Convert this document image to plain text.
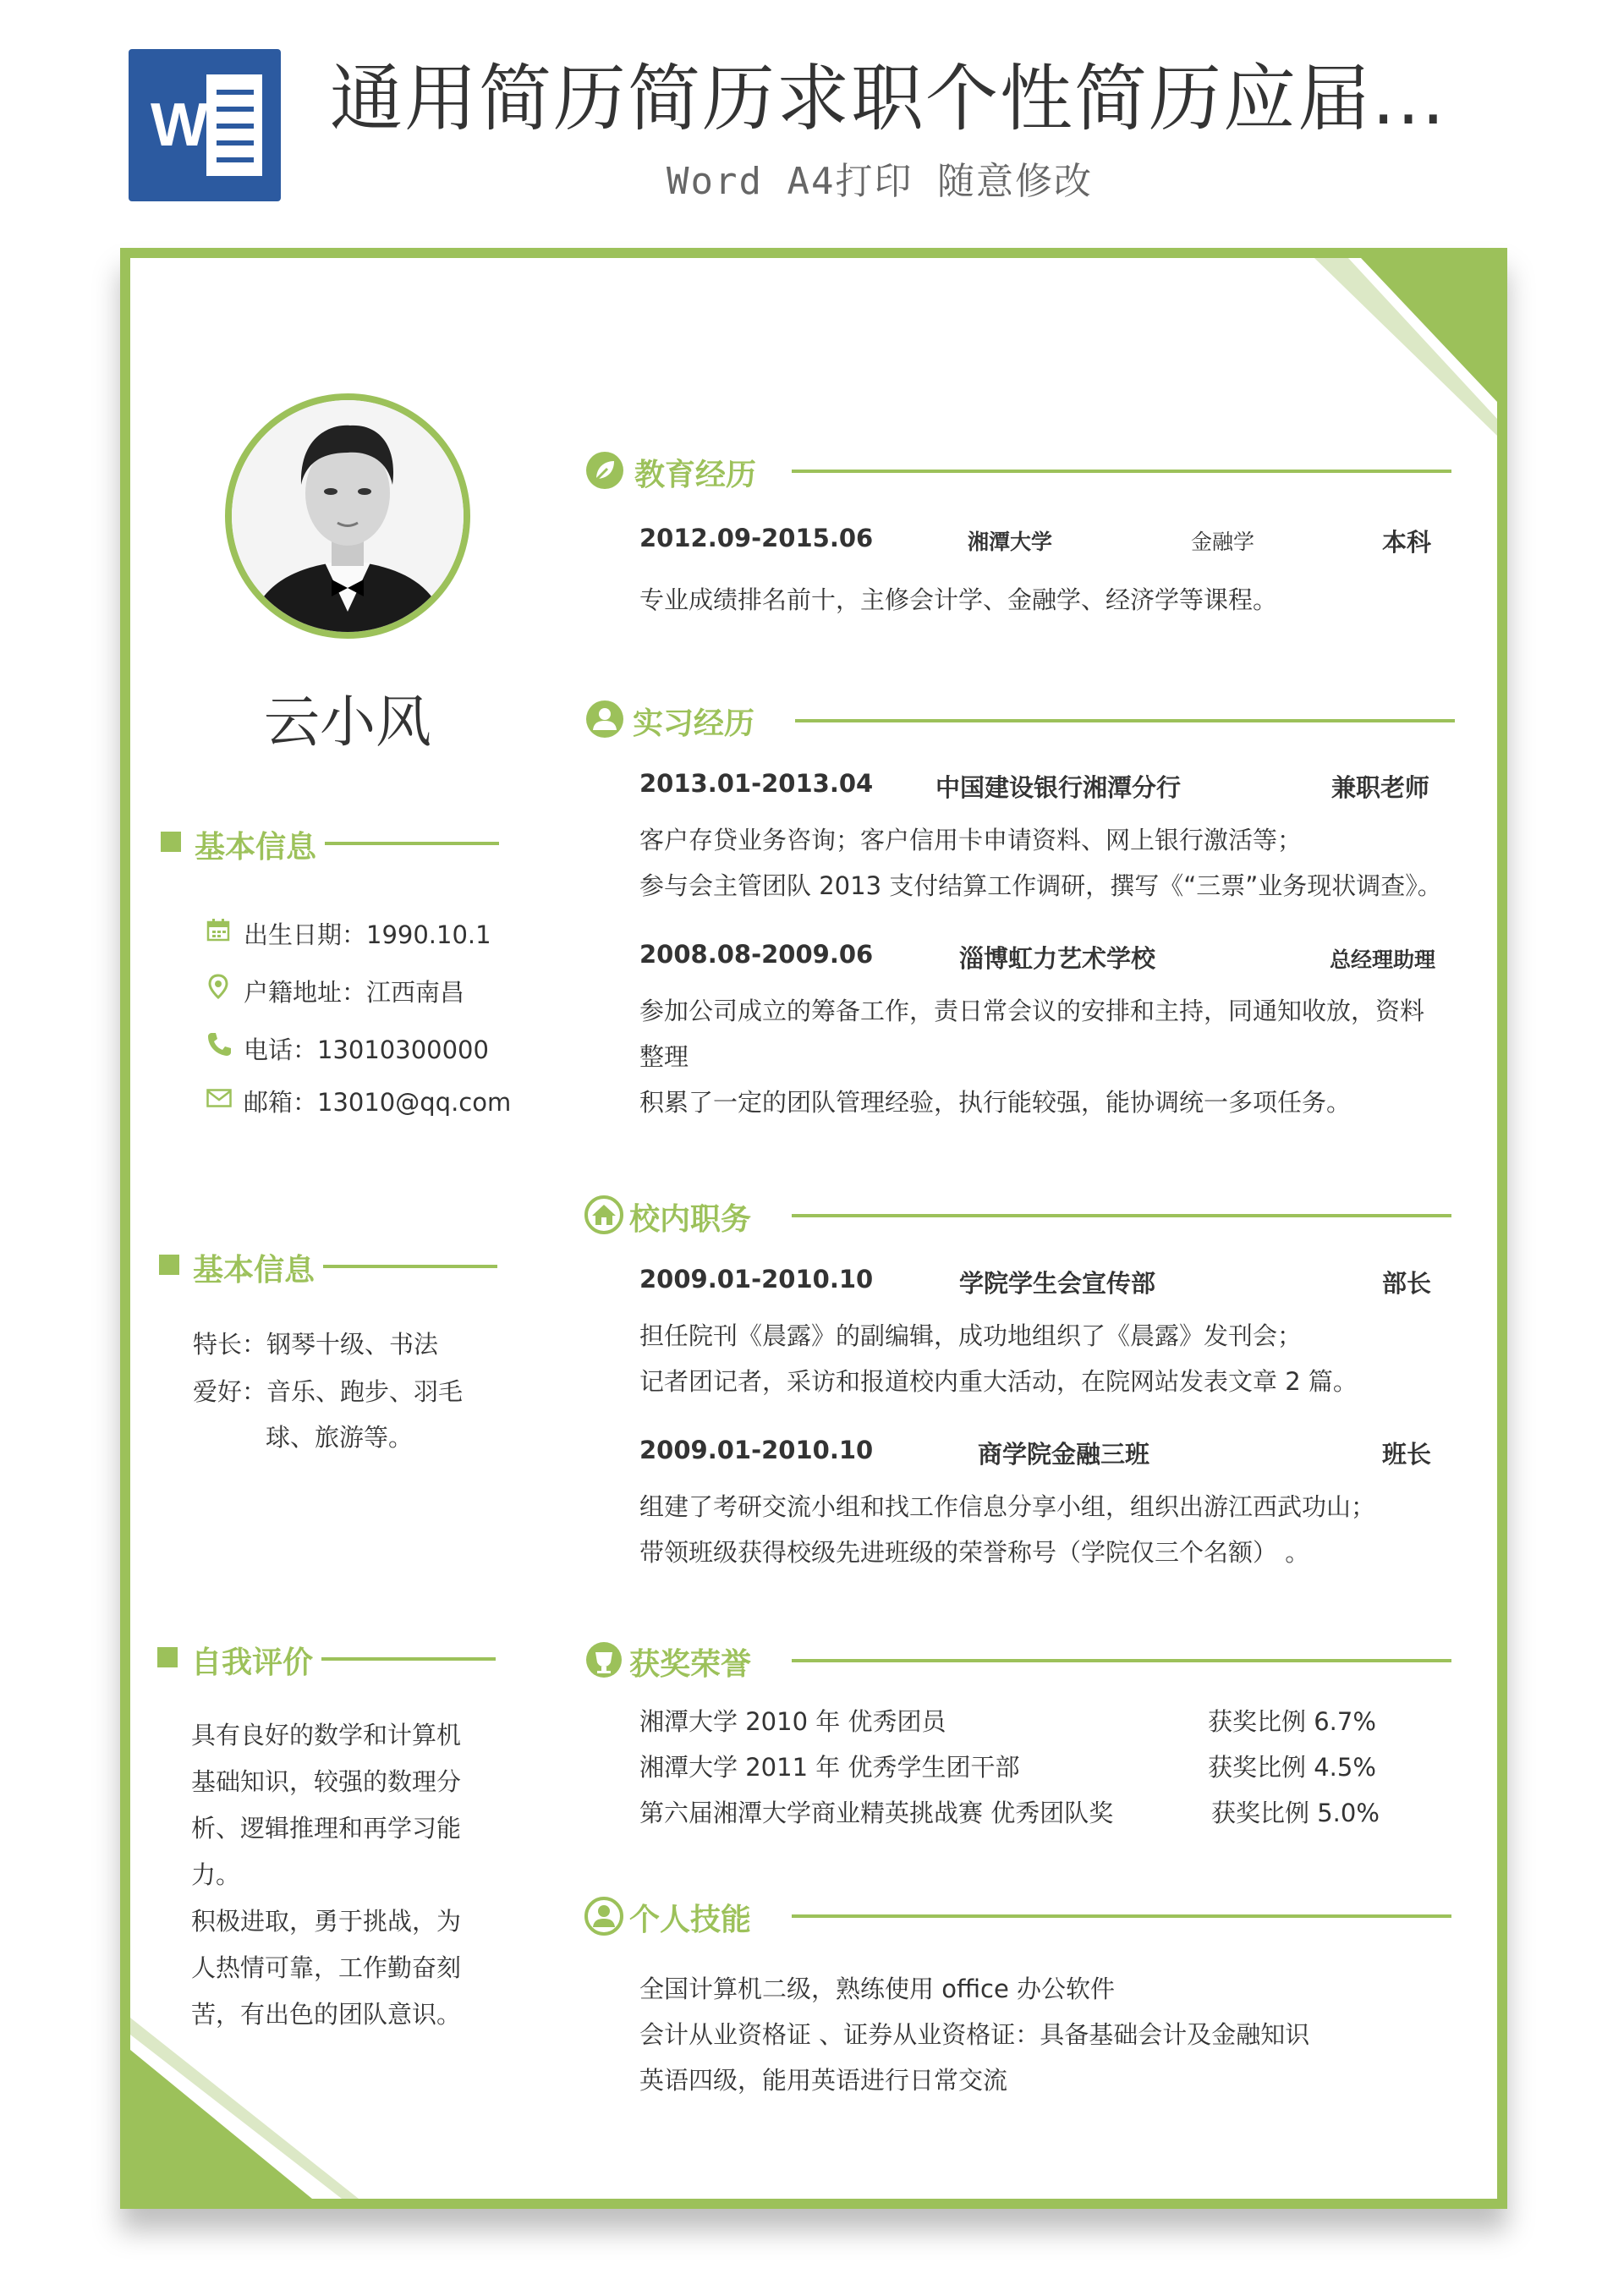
W 通用简历简历求职个性简历应届...
Word A4打印 随意修改
云小风
基本信息
出生日期：1990.10.1
户籍地址：江西南昌
电话：13010300000
邮箱：13010@qq.com
基本信息
特长：钢琴十级、书法
爱好：音乐、跑步、羽毛
球、旅游等。
自我评价
具有良好的数学和计算机
基础知识，较强的数理分
析、逻辑推理和再学习能
力。
积极进取，勇于挑战，为
人热情可靠，工作勤奋刻
苦，有出色的团队意识。
教育经历
2012.09-2015.06	湘潭大学	金融学	本科
专业成绩排名前十，主修会计学、金融学、经济学等课程。
实习经历
2013.01-2013.04	中国建设银行湘潭分行	兼职老师
客户存贷业务咨询；客户信用卡申请资料、网上银行激活等；
参与会主管团队 2013 支付结算工作调研，撰写《“三票”业务现状调查》。
2008.08-2009.06	淄博虹力艺术学校	总经理助理
参加公司成立的筹备工作，责日常会议的安排和主持，同通知收放，资料
整理
积累了一定的团队管理经验，执行能较强，能协调统一多项任务。
校内职务
2009.01-2010.10	学院学生会宣传部	部长
担任院刊《晨露》的副编辑，成功地组织了《晨露》发刊会；
记者团记者，采访和报道校内重大活动，在院网站发表文章 2 篇。
2009.01-2010.10	商学院金融三班	班长
组建了考研交流小组和找工作信息分享小组，组织出游江西武功山；
带领班级获得校级先进班级的荣誉称号（学院仅三个名额） 。
获奖荣誉
湘潭大学 2010 年 优秀团员	获奖比例 6.7%
湘潭大学 2011 年 优秀学生团干部	获奖比例 4.5%
第六届湘潭大学商业精英挑战赛 优秀团队奖	获奖比例 5.0%
个人技能
全国计算机二级，熟练使用 office 办公软件
会计从业资格证 、证券从业资格证：具备基础会计及金融知识
英语四级，能用英语进行日常交流
